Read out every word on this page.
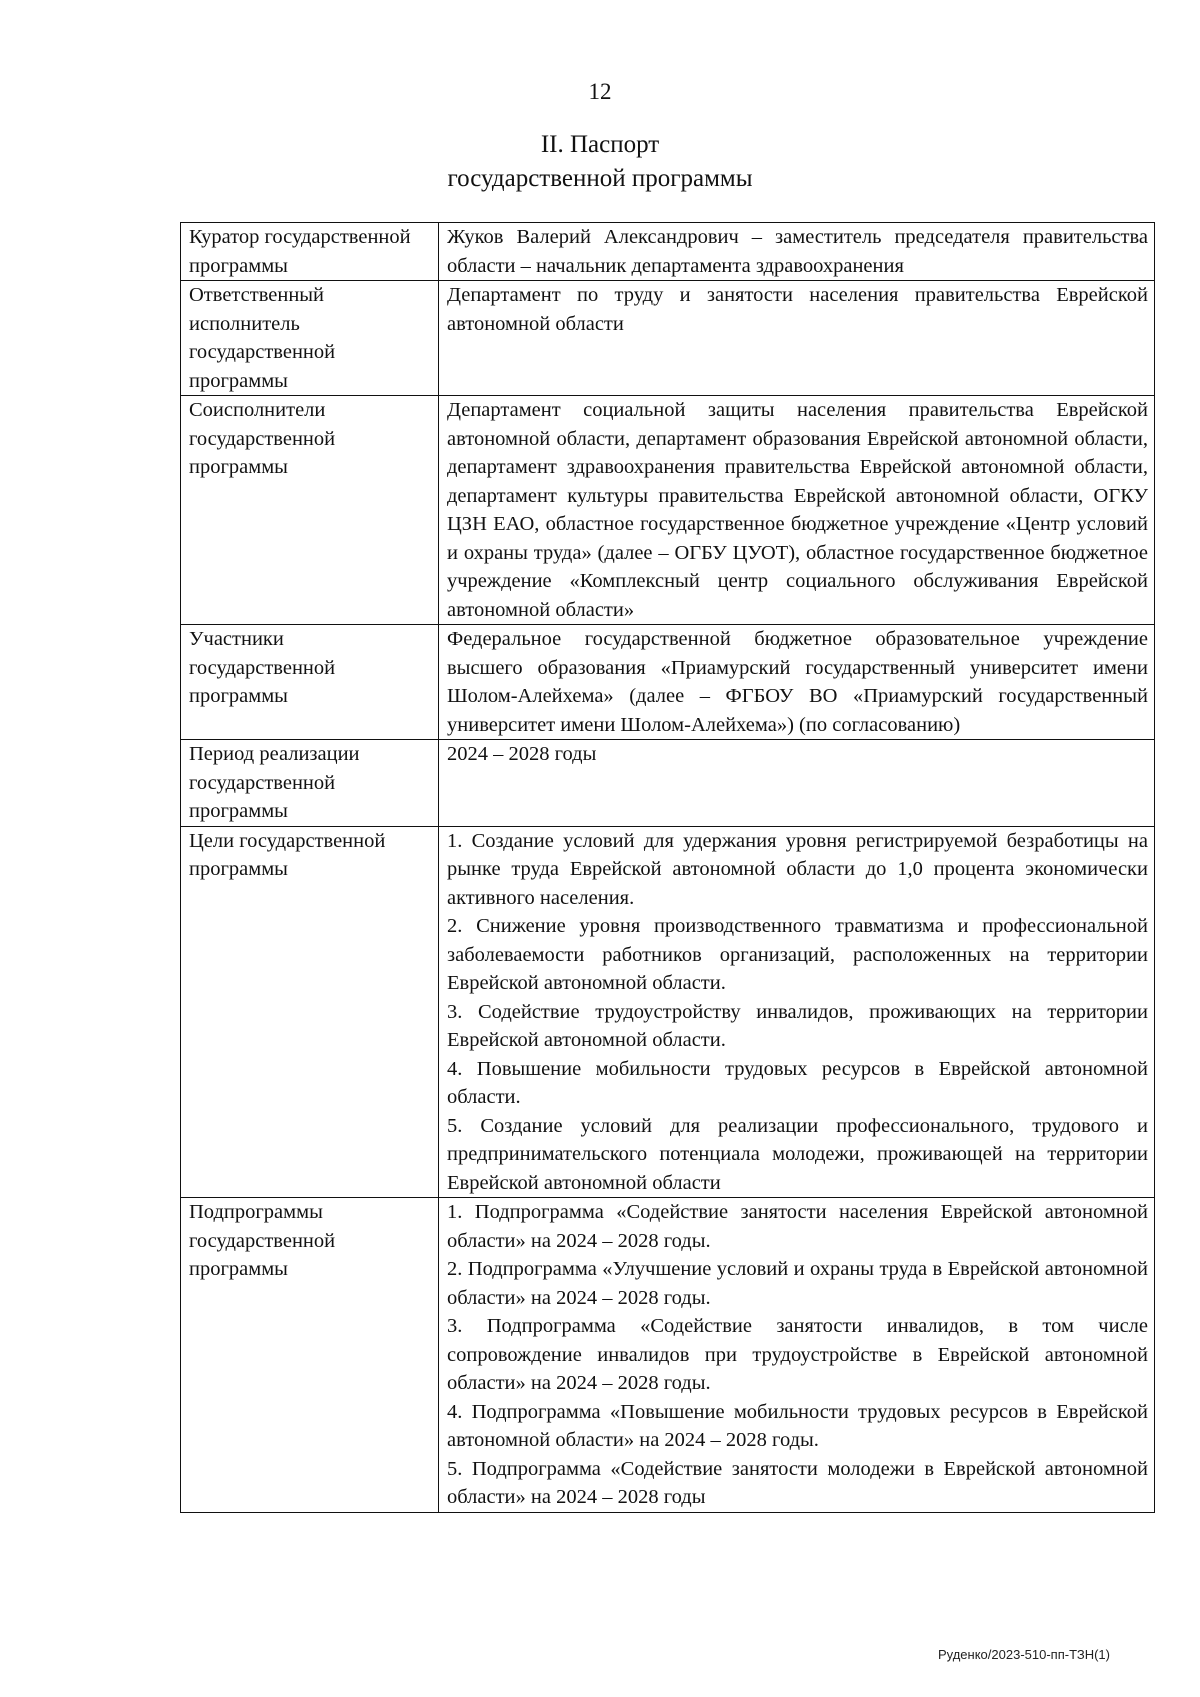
12
II. Паспорт
государственной программы
Куратор государственной программы	Жуков Валерий Александрович – заместитель председателя правительства области – начальник департамента здравоохранения

Ответственный исполнитель государственной программы	Департамент по труду и занятости населения правительства Еврейской автономной области

Соисполнители государственной программы	Департамент социальной защиты населения правительства Еврейской автономной области, департамент образования Еврейской автономной области, департамент здравоохранения правительства Еврейской автономной области, департамент культуры правительства Еврейской автономной области, ОГКУ ЦЗН ЕАО, областное государственное бюджетное учреждение «Центр условий и охраны труда» (далее – ОГБУ ЦУОТ), областное государственное бюджетное учреждение «Комплексный центр социального обслуживания Еврейской автономной области»

Участники государственной программы	Федеральное государственной бюджетное образовательное учреждение высшего образования «Приамурский государственный университет имени Шолом-Алейхема» (далее – ФГБОУ ВО «Приамурский государственный университет имени Шолом-Алейхема») (по согласованию)

Период реализации государственной программы	2024 – 2028 годы

Цели государственной программы	1. Создание условий для удержания уровня регистрируемой безработицы на рынке труда Еврейской автономной области до 1,0 процента экономически активного населения.

2. Снижение уровня производственного травматизма и профессиональной заболеваемости работников организаций, расположенных на территории Еврейской автономной области.

3. Содействие трудоустройству инвалидов, проживающих на территории Еврейской автономной области.

4. Повышение мобильности трудовых ресурсов в Еврейской автономной области.

5. Создание условий для реализации профессионального, трудового и предпринимательского потенциала молодежи, проживающей на территории Еврейской автономной области

Подпрограммы государственной программы	1. Подпрограмма «Содействие занятости населения Еврейской автономной области» на 2024 – 2028 годы.

2. Подпрограмма «Улучшение условий и охраны труда в Еврейской автономной области» на 2024 – 2028 годы.

3. Подпрограмма «Содействие занятости инвалидов, в том числе сопровождение инвалидов при трудоустройстве в Еврейской автономной области» на 2024 – 2028 годы.

4. Подпрограмма «Повышение мобильности трудовых ресурсов в Еврейской автономной области» на 2024 – 2028 годы.

5. Подпрограмма «Содействие занятости молодежи в Еврейской автономной области» на 2024 – 2028 годы

Руденко/2023-510-пп-ТЗН(1)
